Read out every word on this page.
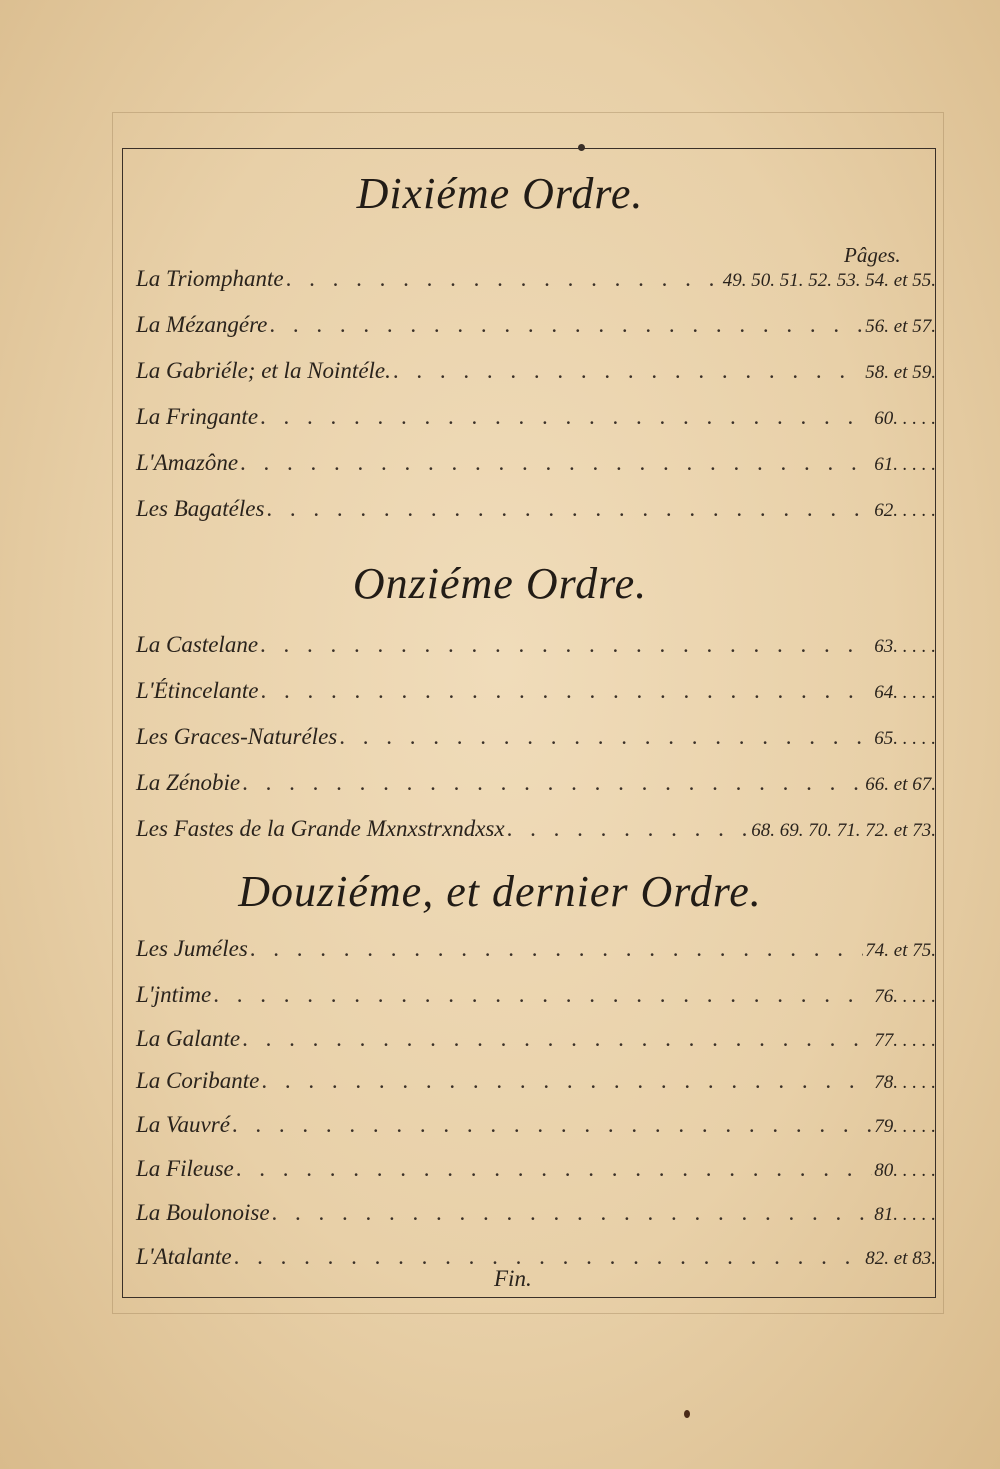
Dixiéme Ordre.
Pâges.
La Triomphante . . .	49. 50. 51. 52. 53. 54. et 55.
La Mézangére . . .	56. et 57.
La Gabriéle; et la Nointéle. . . .	58. et 59.
La Fringante . . .	60. . . . .
L'Amazône . . .	61. . . . .
Les Bagatéles . . .	62. . . . .
Onziéme Ordre.
La Castelane . . .	63. . . . .
L'Étincelante . . .	64. . . . .
Les Graces-Naturéles . . .	65. . . . .
La Zénobie . . .	66. et 67.
Les Fastes de la Grande Mxnxstrxndxsx . . .	68. 69. 70. 71. 72. et 73.
Douziéme, et dernier Ordre.
Les Juméles . . .	74. et 75.
L'jntime . . .	76. . . . .
La Galante . . .	77. . . . .
La Coribante . . .	78. . . . .
La Vauvré . . .	79. . . . .
La Fileuse . . .	80. . . . .
La Boulonoise . . .	81. . . . .
L'Atalante . . .	82. et 83.
Fin.
